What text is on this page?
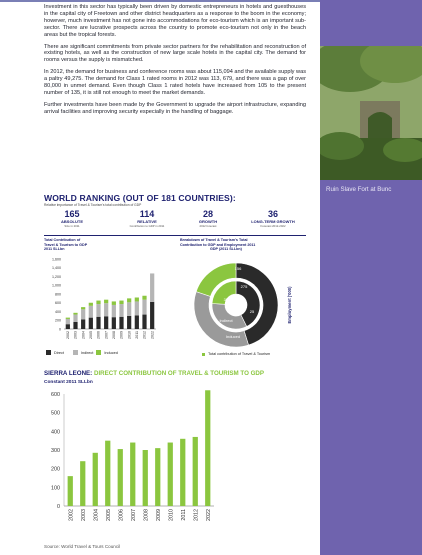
Investment in this sector has typically been driven by domestic entrepreneurs in hotels and guesthouses in the capital city of Freetown and other district headquarters as a response to the boom in the economy; however, much investment has not gone into accommodations for eco-tourism which is an important sub-sector. There are lucrative prospects across the country to promote eco-tourism not only in the beach areas but the tropical forests.

There are significant commitments from private sector partners for the rehabilitation and reconstruction of existing hotels, as well as the construction of new large scale hotels in the capital city. The demand for rooms versus the supply is mismatched.

In 2012, the demand for business and conference rooms was about 115,094 and the available supply was a paltry 49,275. The demand for Class 1 rated rooms in 2012 was 113, 679, and there was a gap of over 80,000 in unmet demand. Even though Class 1 rated hotels have increased from 105 to the present number of 135, it is still not enough to meet the market demands.

Further investments have been made by the Government to upgrade the airport infrastructure, expanding arrival facilities and improving security especially in the handling of baggage.

Ruin Slave Fort at Bunc
WORLD RANKING (OUT OF 181 COUNTRIES):
Relative importance of Travel & Tourism's total contribution of GDP
165
ABSOLUTE
Size in 2011
114
RELATIVE
Contribution to GDP in 2011
28
GROWTH
2012 forecast
36
LONG-TERM GROWTH
Forecast 2012-2022
Total Contribution of
Travel & Tourism to GDP
2011 SLLbn
1,600
1,400
1,200
1,000
800
600
400
200
0
2002 2003 2004 2005 2006 2007 2008 2009 2010 2011 2012 2022
Direct	Indirect	Induced
Breakdown of Travel & Tourism's Total
Contribution to GDP and Employment 2011
GDP (2011 SLLbn)
156
275
355
32
Direct 25
Indirect
Induced
Employment ('000)
Total contribution of Travel & Tourism
SIERRA LEONE: DIRECT CONTRIBUTION OF TRAVEL & TOURISM TO GDP
Constant 2011 SLLbn
0
100
200
300
400
500
600
2002 2003 2004 2005 2006 2007 2008 2009 2010 2011 2012 2022
Source: World Travel & Tours Council
